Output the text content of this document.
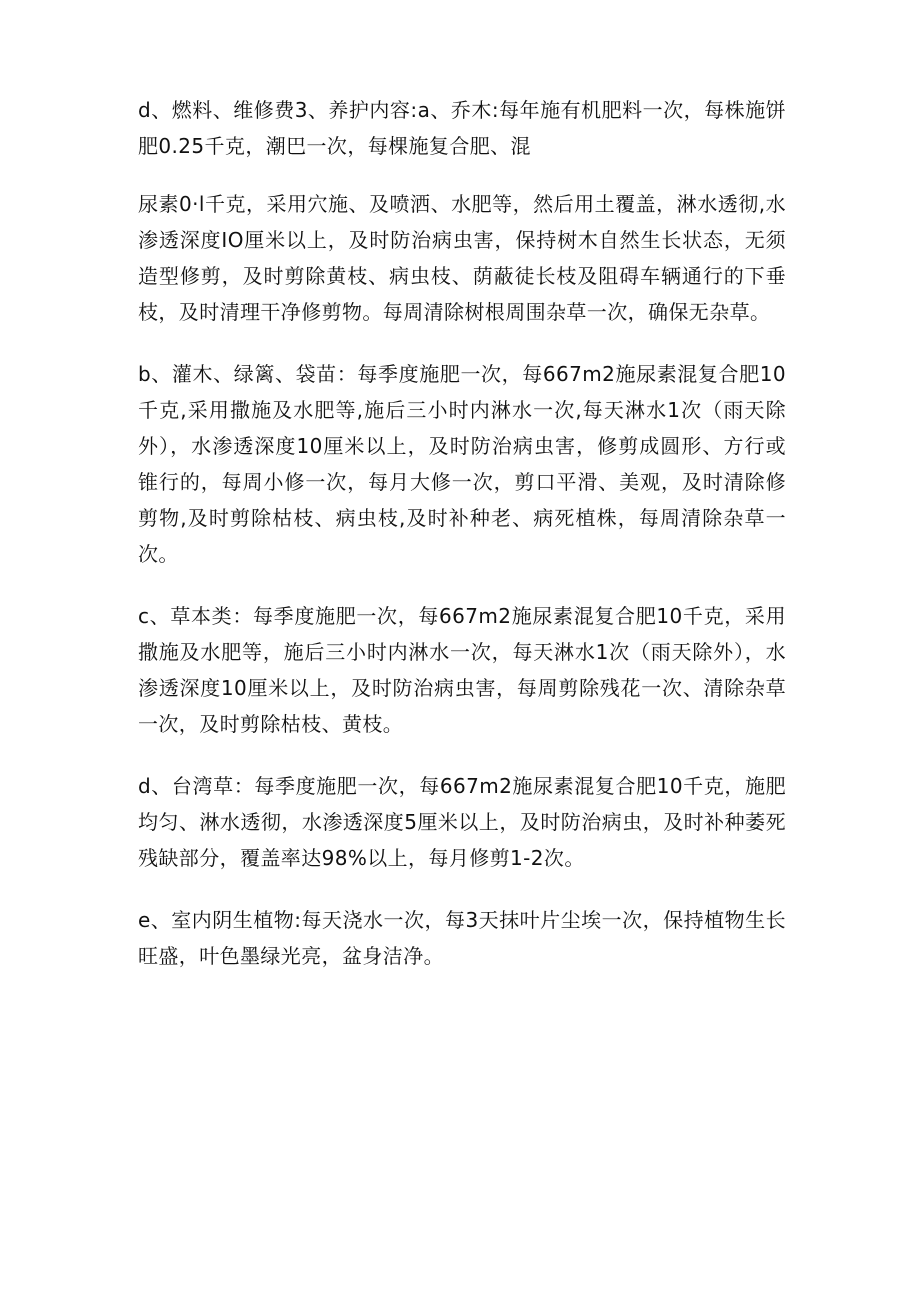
d、燃料、维修费3、养护内容:a、乔木:每年施有机肥料一次，每株施饼肥0.25千克，潮巴一次，每棵施复合肥、混

尿素0·l千克，采用穴施、及喷洒、水肥等，然后用土覆盖，淋水透彻,水渗透深度IO厘米以上，及时防治病虫害，保持树木自然生长状态，无须造型修剪，及时剪除黄枝、病虫枝、荫蔽徒长枝及阻碍车辆通行的下垂枝，及时清理干净修剪物。每周清除树根周围杂草一次，确保无杂草。

b、灌木、绿篱、袋苗：每季度施肥一次，每667m2施尿素混复合肥10千克,采用撒施及水肥等,施后三小时内淋水一次,每天淋水1次（雨天除外），水渗透深度10厘米以上，及时防治病虫害，修剪成圆形、方行或锥行的，每周小修一次，每月大修一次，剪口平滑、美观，及时清除修剪物,及时剪除枯枝、病虫枝,及时补种老、病死植株，每周清除杂草一次。

c、草本类：每季度施肥一次，每667m2施尿素混复合肥10千克，采用撒施及水肥等，施后三小时内淋水一次，每天淋水1次（雨天除外），水渗透深度10厘米以上，及时防治病虫害，每周剪除残花一次、清除杂草一次，及时剪除枯枝、黄枝。

d、台湾草：每季度施肥一次，每667m2施尿素混复合肥10千克，施肥均匀、淋水透彻，水渗透深度5厘米以上，及时防治病虫，及时补种萎死残缺部分，覆盖率达98%以上，每月修剪1-2次。

e、室内阴生植物:每天浇水一次，每3天抹叶片尘埃一次，保持植物生长旺盛，叶色墨绿光亮，盆身洁净。
